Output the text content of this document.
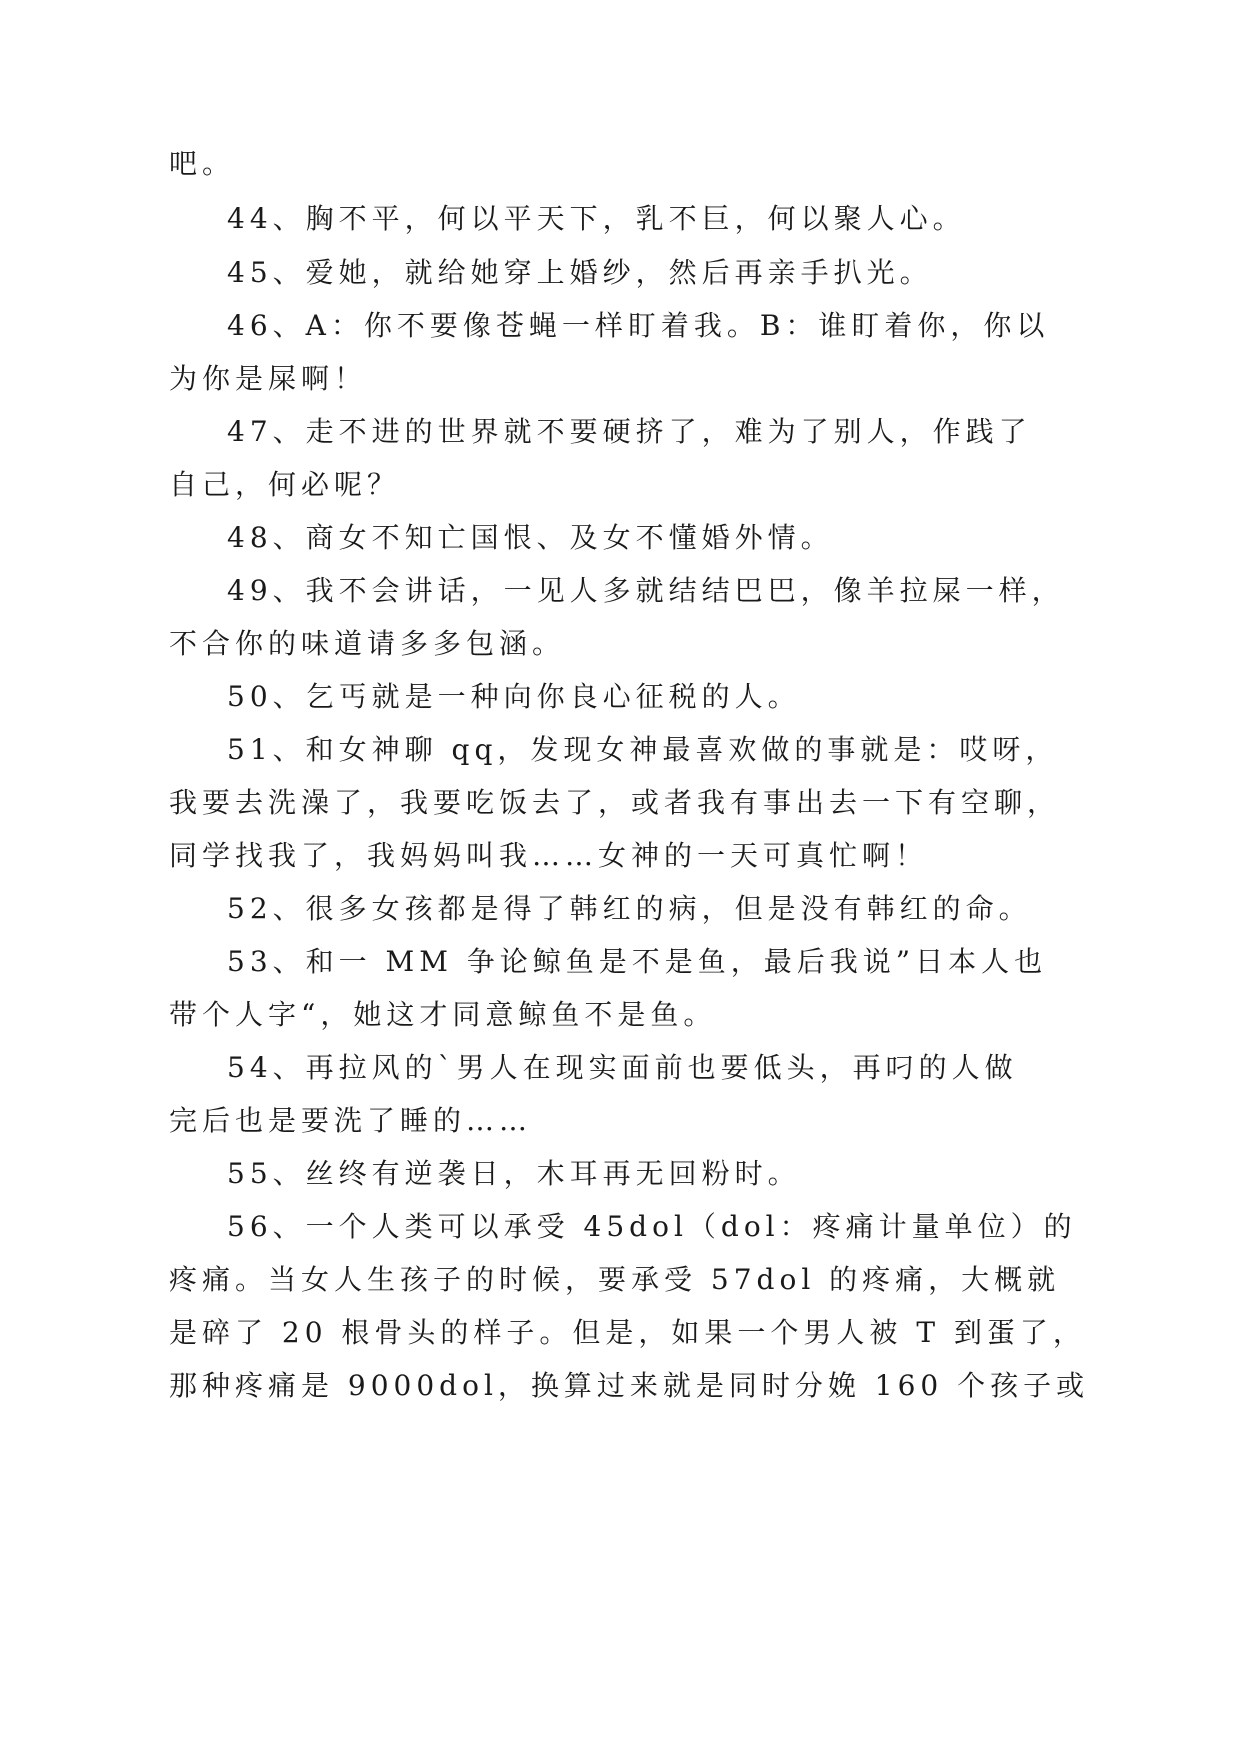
吧。
44、胸不平，何以平天下，乳不巨，何以聚人心。
45、爱她，就给她穿上婚纱，然后再亲手扒光。
46、A：你不要像苍蝇一样盯着我。B：谁盯着你，你以
为你是屎啊！
47、走不进的世界就不要硬挤了，难为了别人，作践了
自己，何必呢？
48、商女不知亡国恨、及女不懂婚外情。
49、我不会讲话，一见人多就结结巴巴，像羊拉屎一样，
不合你的味道请多多包涵。
50、乞丐就是一种向你良心征税的人。
51、和女神聊 qq，发现女神最喜欢做的事就是：哎呀，
我要去洗澡了，我要吃饭去了，或者我有事出去一下有空聊，
同学找我了，我妈妈叫我……女神的一天可真忙啊！
52、很多女孩都是得了韩红的病，但是没有韩红的命。
53、和一 MM 争论鲸鱼是不是鱼，最后我说”日本人也
带个人字“，她这才同意鲸鱼不是鱼。
54、再拉风的`男人在现实面前也要低头，再叼的人做
完后也是要洗了睡的……
55、丝终有逆袭日，木耳再无回粉时。
56、一个人类可以承受 45dol（dol：疼痛计量单位）的
疼痛。当女人生孩子的时候，要承受 57dol 的疼痛，大概就
是碎了 20 根骨头的样子。但是，如果一个男人被 T 到蛋了，
那种疼痛是 9000dol，换算过来就是同时分娩 160 个孩子或
